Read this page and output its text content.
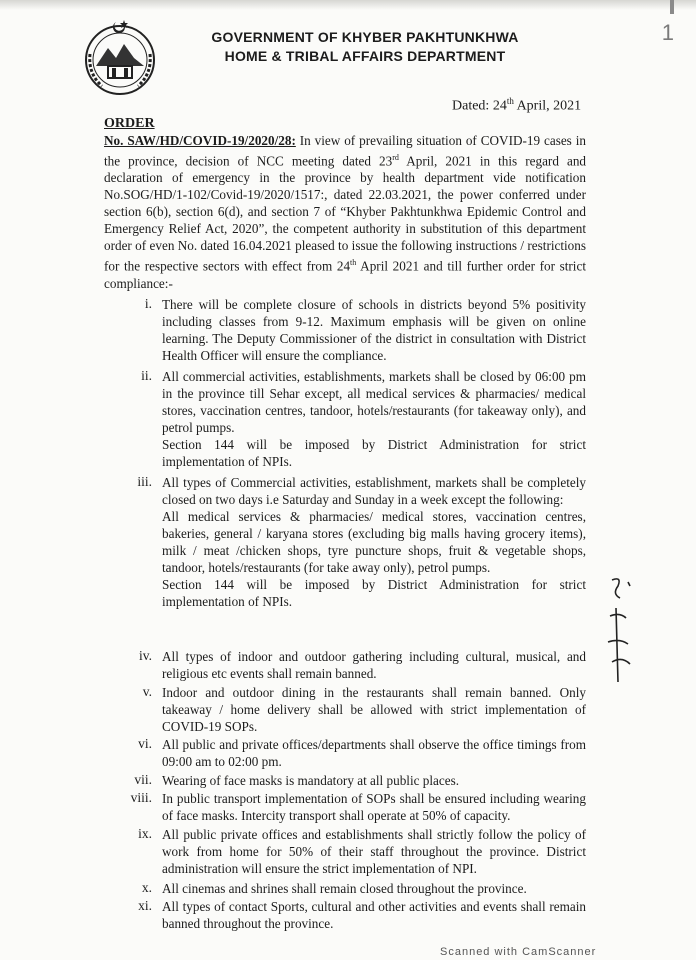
1
GOVERNMENT OF KHYBER PAKHTUNKHWA
HOME & TRIBAL AFFAIRS DEPARTMENT
Dated: 24th April, 2021
ORDER
No. SAW/HD/COVID-19/2020/28: In view of prevailing situation of COVID-19 cases in the province, decision of NCC meeting dated 23rd April, 2021 in this regard and declaration of emergency in the province by health department vide notification No.SOG/HD/1-102/Covid-19/2020/1517:, dated 22.03.2021, the power conferred under section 6(b), section 6(d), and section 7 of “Khyber Pakhtunkhwa Epidemic Control and Emergency Relief Act, 2020”, the competent authority in substitution of this department order of even No. dated 16.04.2021 pleased to issue the following instructions / restrictions for the respective sectors with effect from 24th April 2021 and till further order for strict compliance:-
i. There will be complete closure of schools in districts beyond 5% positivity including classes from 9-12. Maximum emphasis will be given on online learning. The Deputy Commissioner of the district in consultation with District Health Officer will ensure the compliance.
ii. All commercial activities, establishments, markets shall be closed by 06:00 pm in the province till Sehar except, all medical services & pharmacies/ medical stores, vaccination centres, tandoor, hotels/restaurants (for takeaway only), and petrol pumps.
Section 144 will be imposed by District Administration for strict implementation of NPIs.
iii. All types of Commercial activities, establishment, markets shall be completely closed on two days i.e Saturday and Sunday in a week except the following:
All medical services & pharmacies/ medical stores, vaccination centres, bakeries, general / karyana stores (excluding big malls having grocery items), milk / meat /chicken shops, tyre puncture shops, fruit & vegetable shops, tandoor, hotels/restaurants (for take away only), petrol pumps.
Section 144 will be imposed by District Administration for strict implementation of NPIs.
iv. All types of indoor and outdoor gathering including cultural, musical, and religious etc events shall remain banned.
v. Indoor and outdoor dining in the restaurants shall remain banned. Only takeaway / home delivery shall be allowed with strict implementation of COVID-19 SOPs.
vi. All public and private offices/departments shall observe the office timings from 09:00 am to 02:00 pm.
vii. Wearing of face masks is mandatory at all public places.
viii. In public transport implementation of SOPs shall be ensured including wearing of face masks. Intercity transport shall operate at 50% of capacity.
ix. All public private offices and establishments shall strictly follow the policy of work from home for 50% of their staff throughout the province. District administration will ensure the strict implementation of NPI.
x. All cinemas and shrines shall remain closed throughout the province.
xi. All types of contact Sports, cultural and other activities and events shall remain banned throughout the province.
Scanned with CamScanner
